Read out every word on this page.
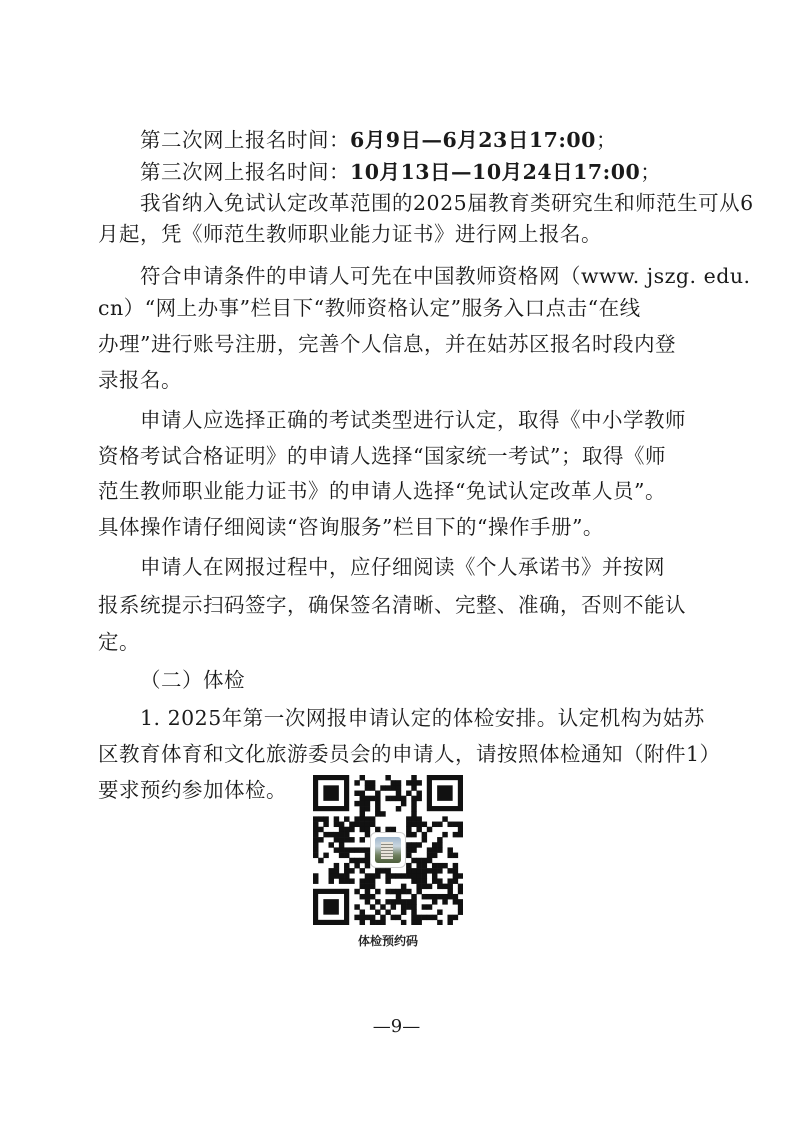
第二次网上报名时间：6月9日—6月23日17:00；
第三次网上报名时间：10月13日—10月24日17:00；
我省纳入免试认定改革范围的2025届教育类研究生和师范生可从6
月起，凭《师范生教师职业能力证书》进行网上报名。
符合申请条件的申请人可先在中国教师资格网（www. jszg. edu.
cn）“网上办事”栏目下“教师资格认定”服务入口点击“在线
办理”进行账号注册，完善个人信息，并在姑苏区报名时段内登
录报名。
申请人应选择正确的考试类型进行认定，取得《中小学教师
资格考试合格证明》的申请人选择“国家统一考试”；取得《师
范生教师职业能力证书》的申请人选择“免试认定改革人员”。
具体操作请仔细阅读“咨询服务”栏目下的“操作手册”。
申请人在网报过程中，应仔细阅读《个人承诺书》并按网
报系统提示扫码签字，确保签名清晰、完整、准确，否则不能认
定。
（二）体检
1. 2025年第一次网报申请认定的体检安排。认定机构为姑苏
区教育体育和文化旅游委员会的申请人，请按照体检通知（附件1）
要求预约参加体检。
体检预约码
—9—
